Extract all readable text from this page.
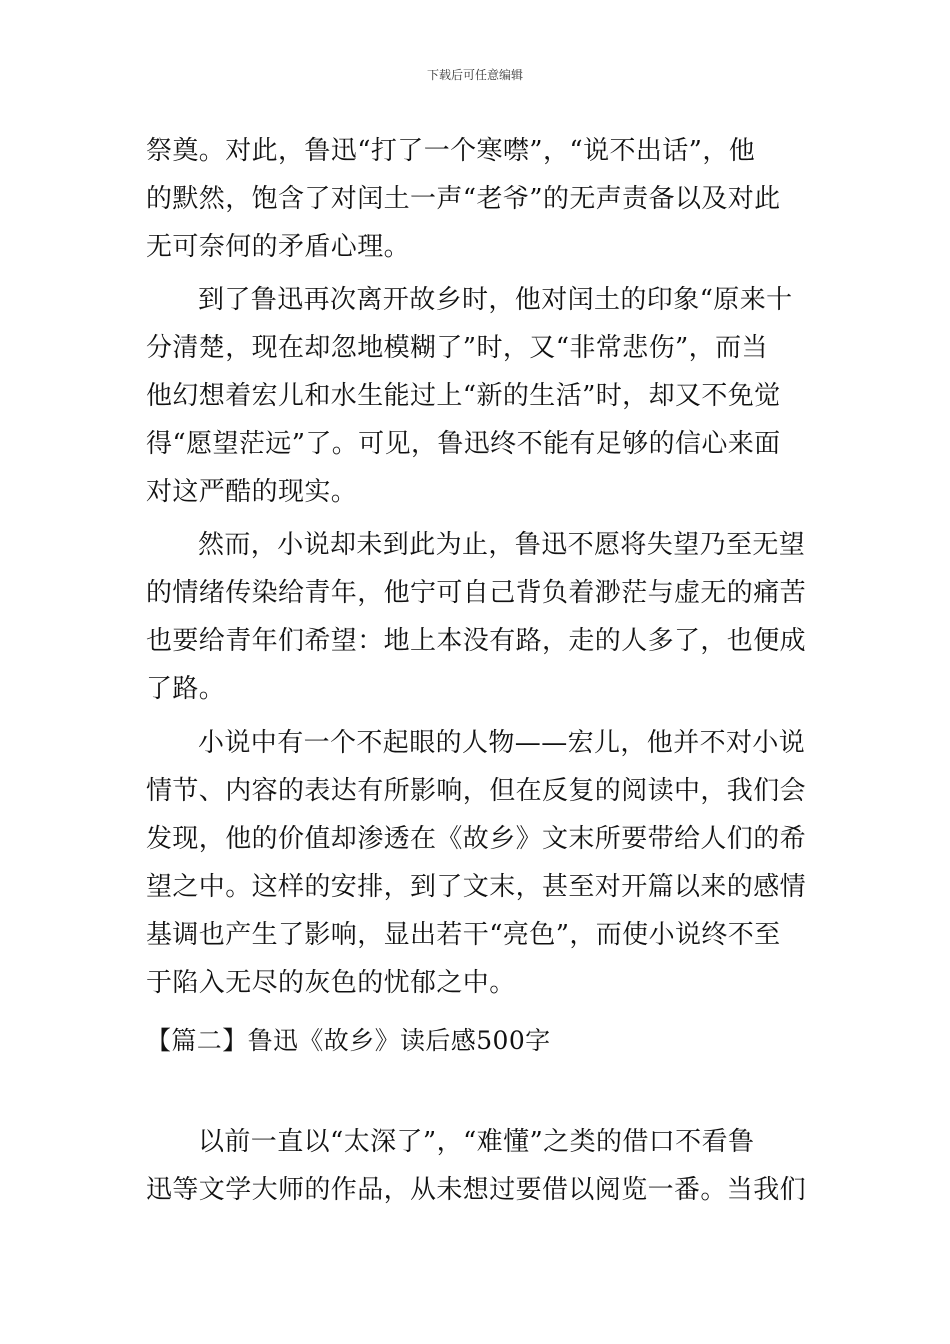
下载后可任意编辑
祭奠。对此，鲁迅“打了一个寒噤”，“说不出话”，他
的默然，饱含了对闰土一声“老爷”的无声责备以及对此
无可奈何的矛盾心理。
到了鲁迅再次离开故乡时，他对闰土的印象“原来十
分清楚，现在却忽地模糊了”时，又“非常悲伤”，而当
他幻想着宏儿和水生能过上“新的生活”时，却又不免觉
得“愿望茫远”了。可见，鲁迅终不能有足够的信心来面
对这严酷的现实。
然而，小说却未到此为止，鲁迅不愿将失望乃至无望
的情绪传染给青年，他宁可自己背负着渺茫与虚无的痛苦
也要给青年们希望：地上本没有路，走的人多了，也便成
了路。
小说中有一个不起眼的人物——宏儿，他并不对小说
情节、内容的表达有所影响，但在反复的阅读中，我们会
发现，他的价值却渗透在《故乡》文末所要带给人们的希
望之中。这样的安排，到了文末，甚至对开篇以来的感情
基调也产生了影响，显出若干“亮色”，而使小说终不至
于陷入无尽的灰色的忧郁之中。
【篇二】鲁迅《故乡》读后感500字
以前一直以“太深了”，“难懂”之类的借口不看鲁
迅等文学大师的作品，从未想过要借以阅览一番。当我们
